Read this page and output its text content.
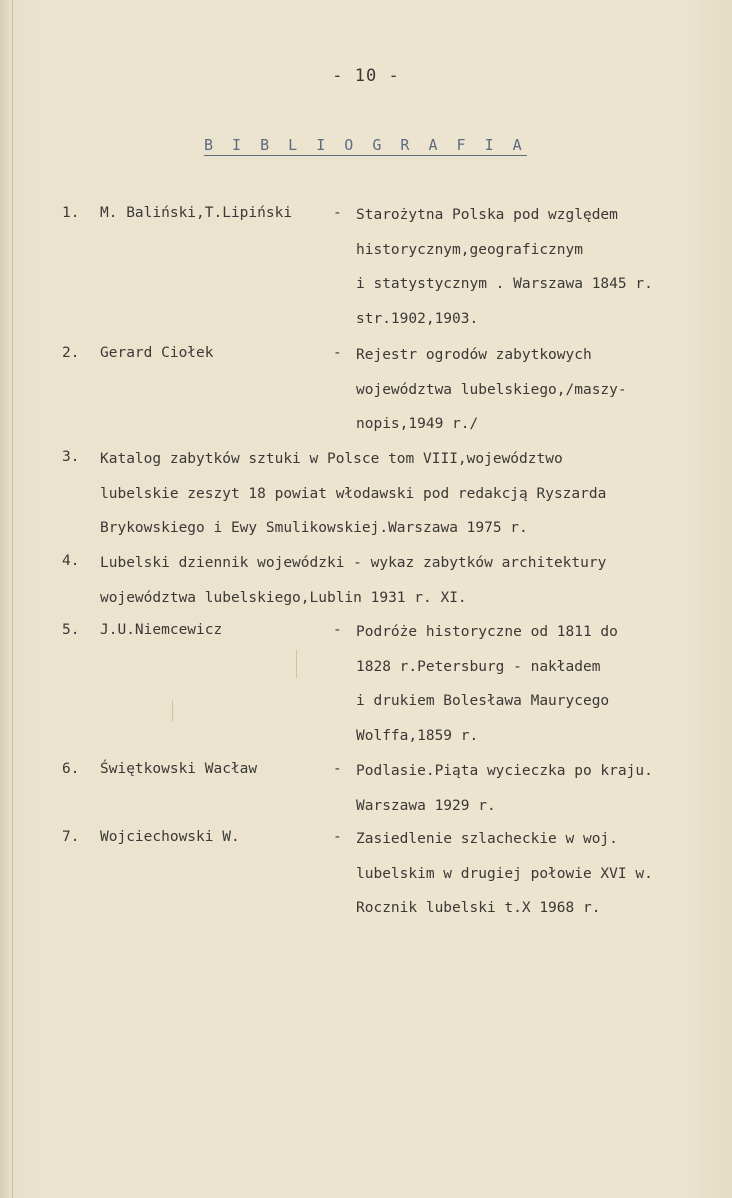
- 10 -
B I B L I O G R A F I A
1. M. Baliński,T.Lipiński	- Starożytna Polska pod względem
historycznym,geograficznym
i statystycznym . Warszawa 1845 r.
str.1902,1903.
2. Gerard Ciołek	- Rejestr ogrodów zabytkowych
województwa lubelskiego,/maszy-
nopis,1949 r./
3. Katalog zabytków sztuki w Polsce tom VIII,województwo
lubelskie zeszyt 18 powiat włodawski pod redakcją Ryszarda
Brykowskiego i Ewy Smulikowskiej.Warszawa 1975 r.
4. Lubelski dziennik wojewódzki - wykaz zabytków architektury
województwa lubelskiego,Lublin 1931 r. XI.
5. J.U.Niemcewicz	- Podróże historyczne od 1811 do
1828 r.Petersburg - nakładem
i drukiem Bolesława Maurycego
Wolffa,1859 r.
6. Świętkowski Wacław	- Podlasie.Piąta wycieczka po kraju.
Warszawa 1929 r.
7. Wojciechowski W.	- Zasiedlenie szlacheckie w woj.
lubelskim w drugiej połowie XVI w.
Rocznik lubelski t.X 1968 r.
